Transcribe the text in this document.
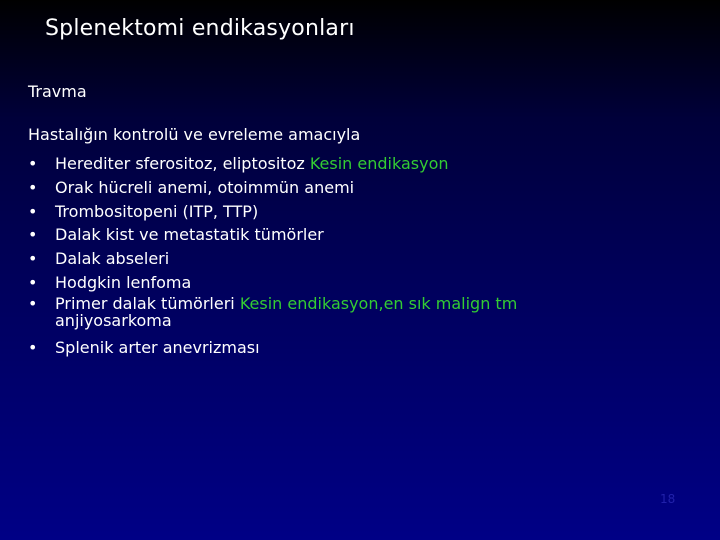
Splenektomi endikasyonları
Travma
Hastalığın kontrolü ve evreleme amacıyla
• Herediter sferositoz, eliptositoz Kesin endikasyon
• Orak hücreli anemi, otoimmün anemi
• Trombositopeni (ITP, TTP)
• Dalak kist ve metastatik tümörler
• Dalak abseleri
• Hodgkin lenfoma
• Primer dalak tümörleri Kesin endikasyon,en sık malign tm
anjiyosarkoma
• Splenik arter anevrizması
18
